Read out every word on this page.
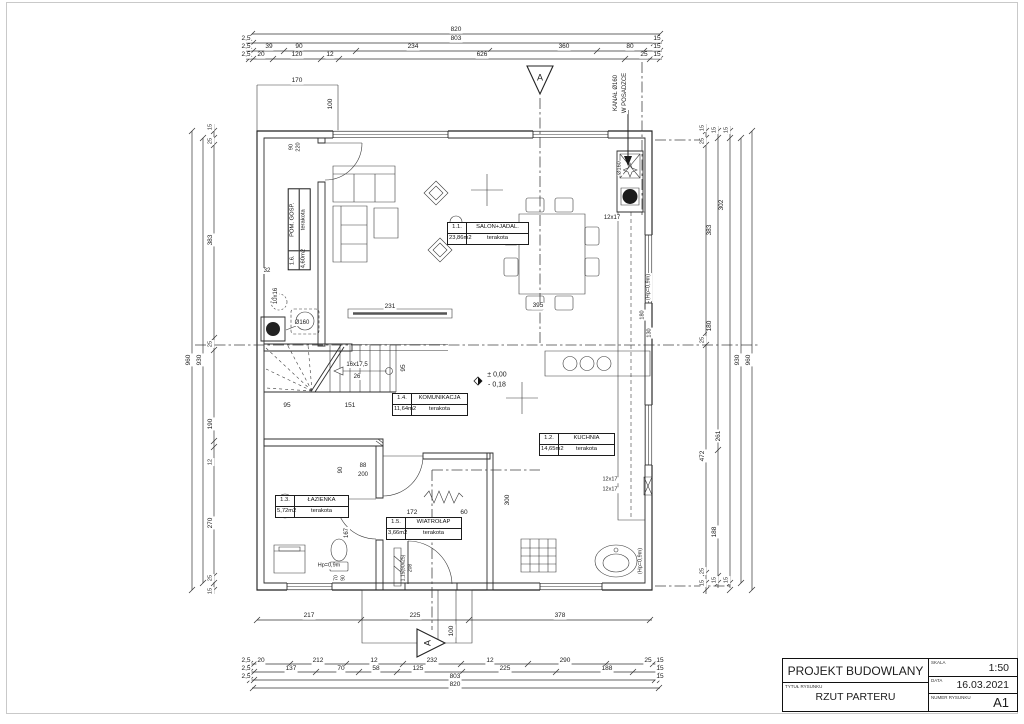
820
2,5	803	15
2,5 39	90	234	360	80	15
2,5 20	120	12	626	25 15
217	225	378
100
2,5 20	212	12	232	12	290	25 15
2,5	137	70	58	125	225	188	15
2,5	803	15
820
960 930
15
25
383
25
190
12
270
25
15
15
25
383
180
25
472
188
25
15
15
302
261
15
15
15
930 960
170
100
90 220
KANAŁ Ø160 W POSADZCE
Ø160
12x17
231	395
(Hp=0,9m)
180
130
± 0,00
- 0,18
16x17,5
26
95
95	151
32
10x16
Ø160
88
200
90
172	60
300
167
Hp=0,9m
70 90	1,15(90x25) 208	(Hp=0,9m)
12x17
12x17
A
A
1.1.	SALON+JADAL.
23,86m2	terakota
1.2.	KUCHNIA
14,65m2	terakota
1.3.	ŁAZIENKA
5,72m2	terakota
1.4.	KOMUNIKACJA
11,64m2	terakota
1.5.	WIATROŁAP
3,66m2	terakota
1.6.
POM. GOSP.
4,60m2
terakota
PROJEKT BUDOWLANY
TYTUŁ RYSUNKU
RZUT PARTERU
SKALA	1:50
DATA 16.03.2021
NUMER RYSUNKU A1
